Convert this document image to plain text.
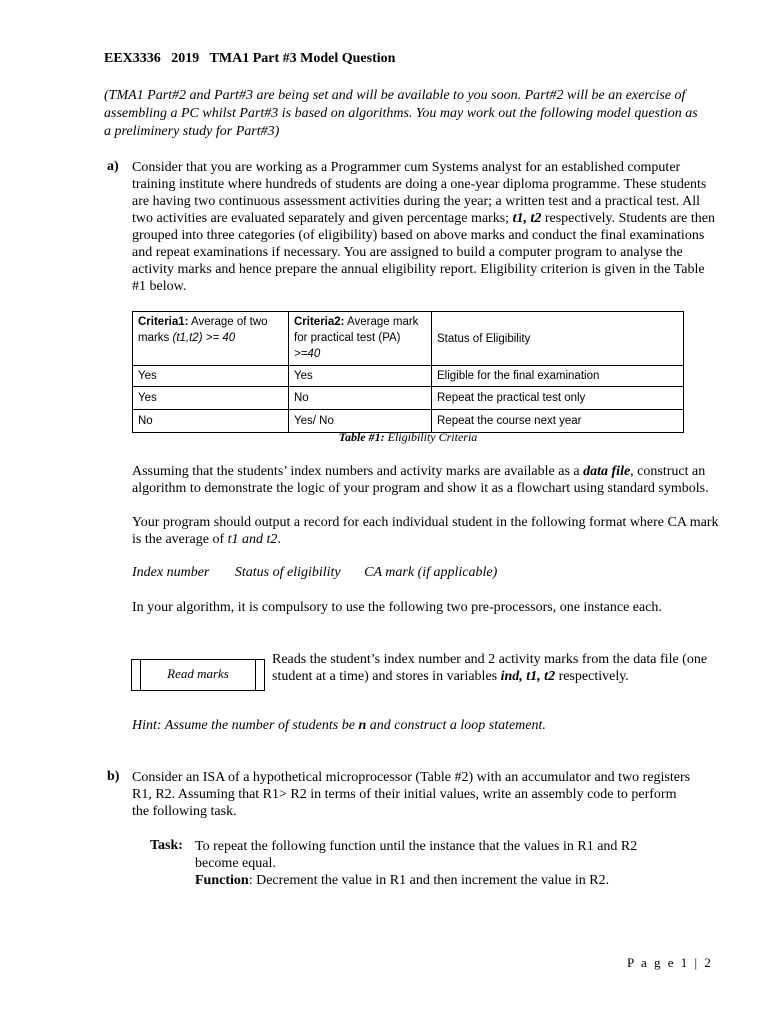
EEX3336   2019   TMA1 Part #3 Model Question
(TMA1 Part#2 and Part#3 are being set and will be available to you soon. Part#2 will be an exercise of assembling a PC whilst Part#3 is based on algorithms. You may work out the following model question as a preliminery study for Part#3)
a) Consider that you are working as a Programmer cum Systems analyst for an established computer training institute where hundreds of students are doing a one-year diploma programme. These students are having two continuous assessment activities during the year; a written test and a practical test. All two activities are evaluated separately and given percentage marks; t1, t2 respectively. Students are then grouped into three categories (of eligibility) based on above marks and conduct the final examinations and repeat examinations if necessary. You are assigned to build a computer program to analyse the activity marks and hence prepare the annual eligibility report. Eligibility criterion is given in the Table #1 below.
Criteria1: Average of two marks (t1,t2) >= 40	Criteria2: Average mark for practical test (PA) >=40	Status of Eligibility
Yes	Yes	Eligible for the final examination
Yes	No	Repeat the practical test only
No	Yes/ No	Repeat the course next year
Table #1: Eligibility Criteria
Assuming that the students’ index numbers and activity marks are available as a data file, construct an algorithm to demonstrate the logic of your program and show it as a flowchart using standard symbols.
Your program should output a record for each individual student in the following format where CA mark is the average of t1 and t2.
Index number Status of eligibility CA mark (if applicable)
In your algorithm, it is compulsory to use the following two pre-processors, one instance each.
Read marks
Reads the student’s index number and 2 activity marks from the data file (one student at a time) and stores in variables ind, t1, t2 respectively.
Hint: Assume the number of students be n and construct a loop statement.
b) Consider an ISA of a hypothetical microprocessor (Table #2) with an accumulator and two registers R1, R2. Assuming that R1> R2 in terms of their initial values, write an assembly code to perform the following task.
Task: To repeat the following function until the instance that the values in R1 and R2 become equal.
Function: Decrement the value in R1 and then increment the value in R2.
P a g e 1 | 2
